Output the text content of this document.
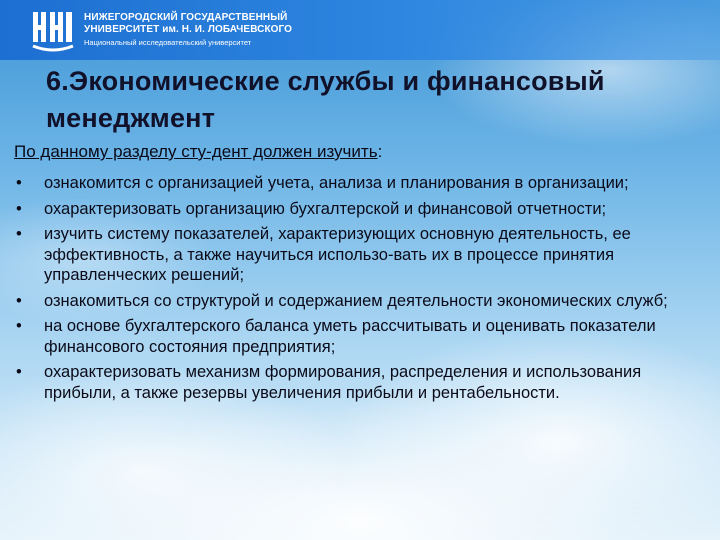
НИЖЕГОРОДСКИЙ ГОСУДАРСТВЕННЫЙ
УНИВЕРСИТЕТ им. Н. И. ЛОБАЧЕВСКОГО
Национальный исследовательский университет
6.Экономические службы и финансовый менеджмент
По данному разделу сту-дент должен изучить:
• ознакомится с организацией учета, анализа и планирования в организации;
• охарактеризовать организацию бухгалтерской и финансовой отчетности;
• изучить систему показателей, характеризующих основную деятельность, ее эффективность, а также научиться использо-вать их в процессе принятия управленческих решений;
• ознакомиться со структурой и содержанием деятельности экономических служб;
• на основе бухгалтерского баланса уметь рассчитывать и оценивать показатели финансового состояния предприятия;
• охарактеризовать механизм формирования, распределения и использования прибыли, а также резервы увеличения прибыли и рентабельности.
